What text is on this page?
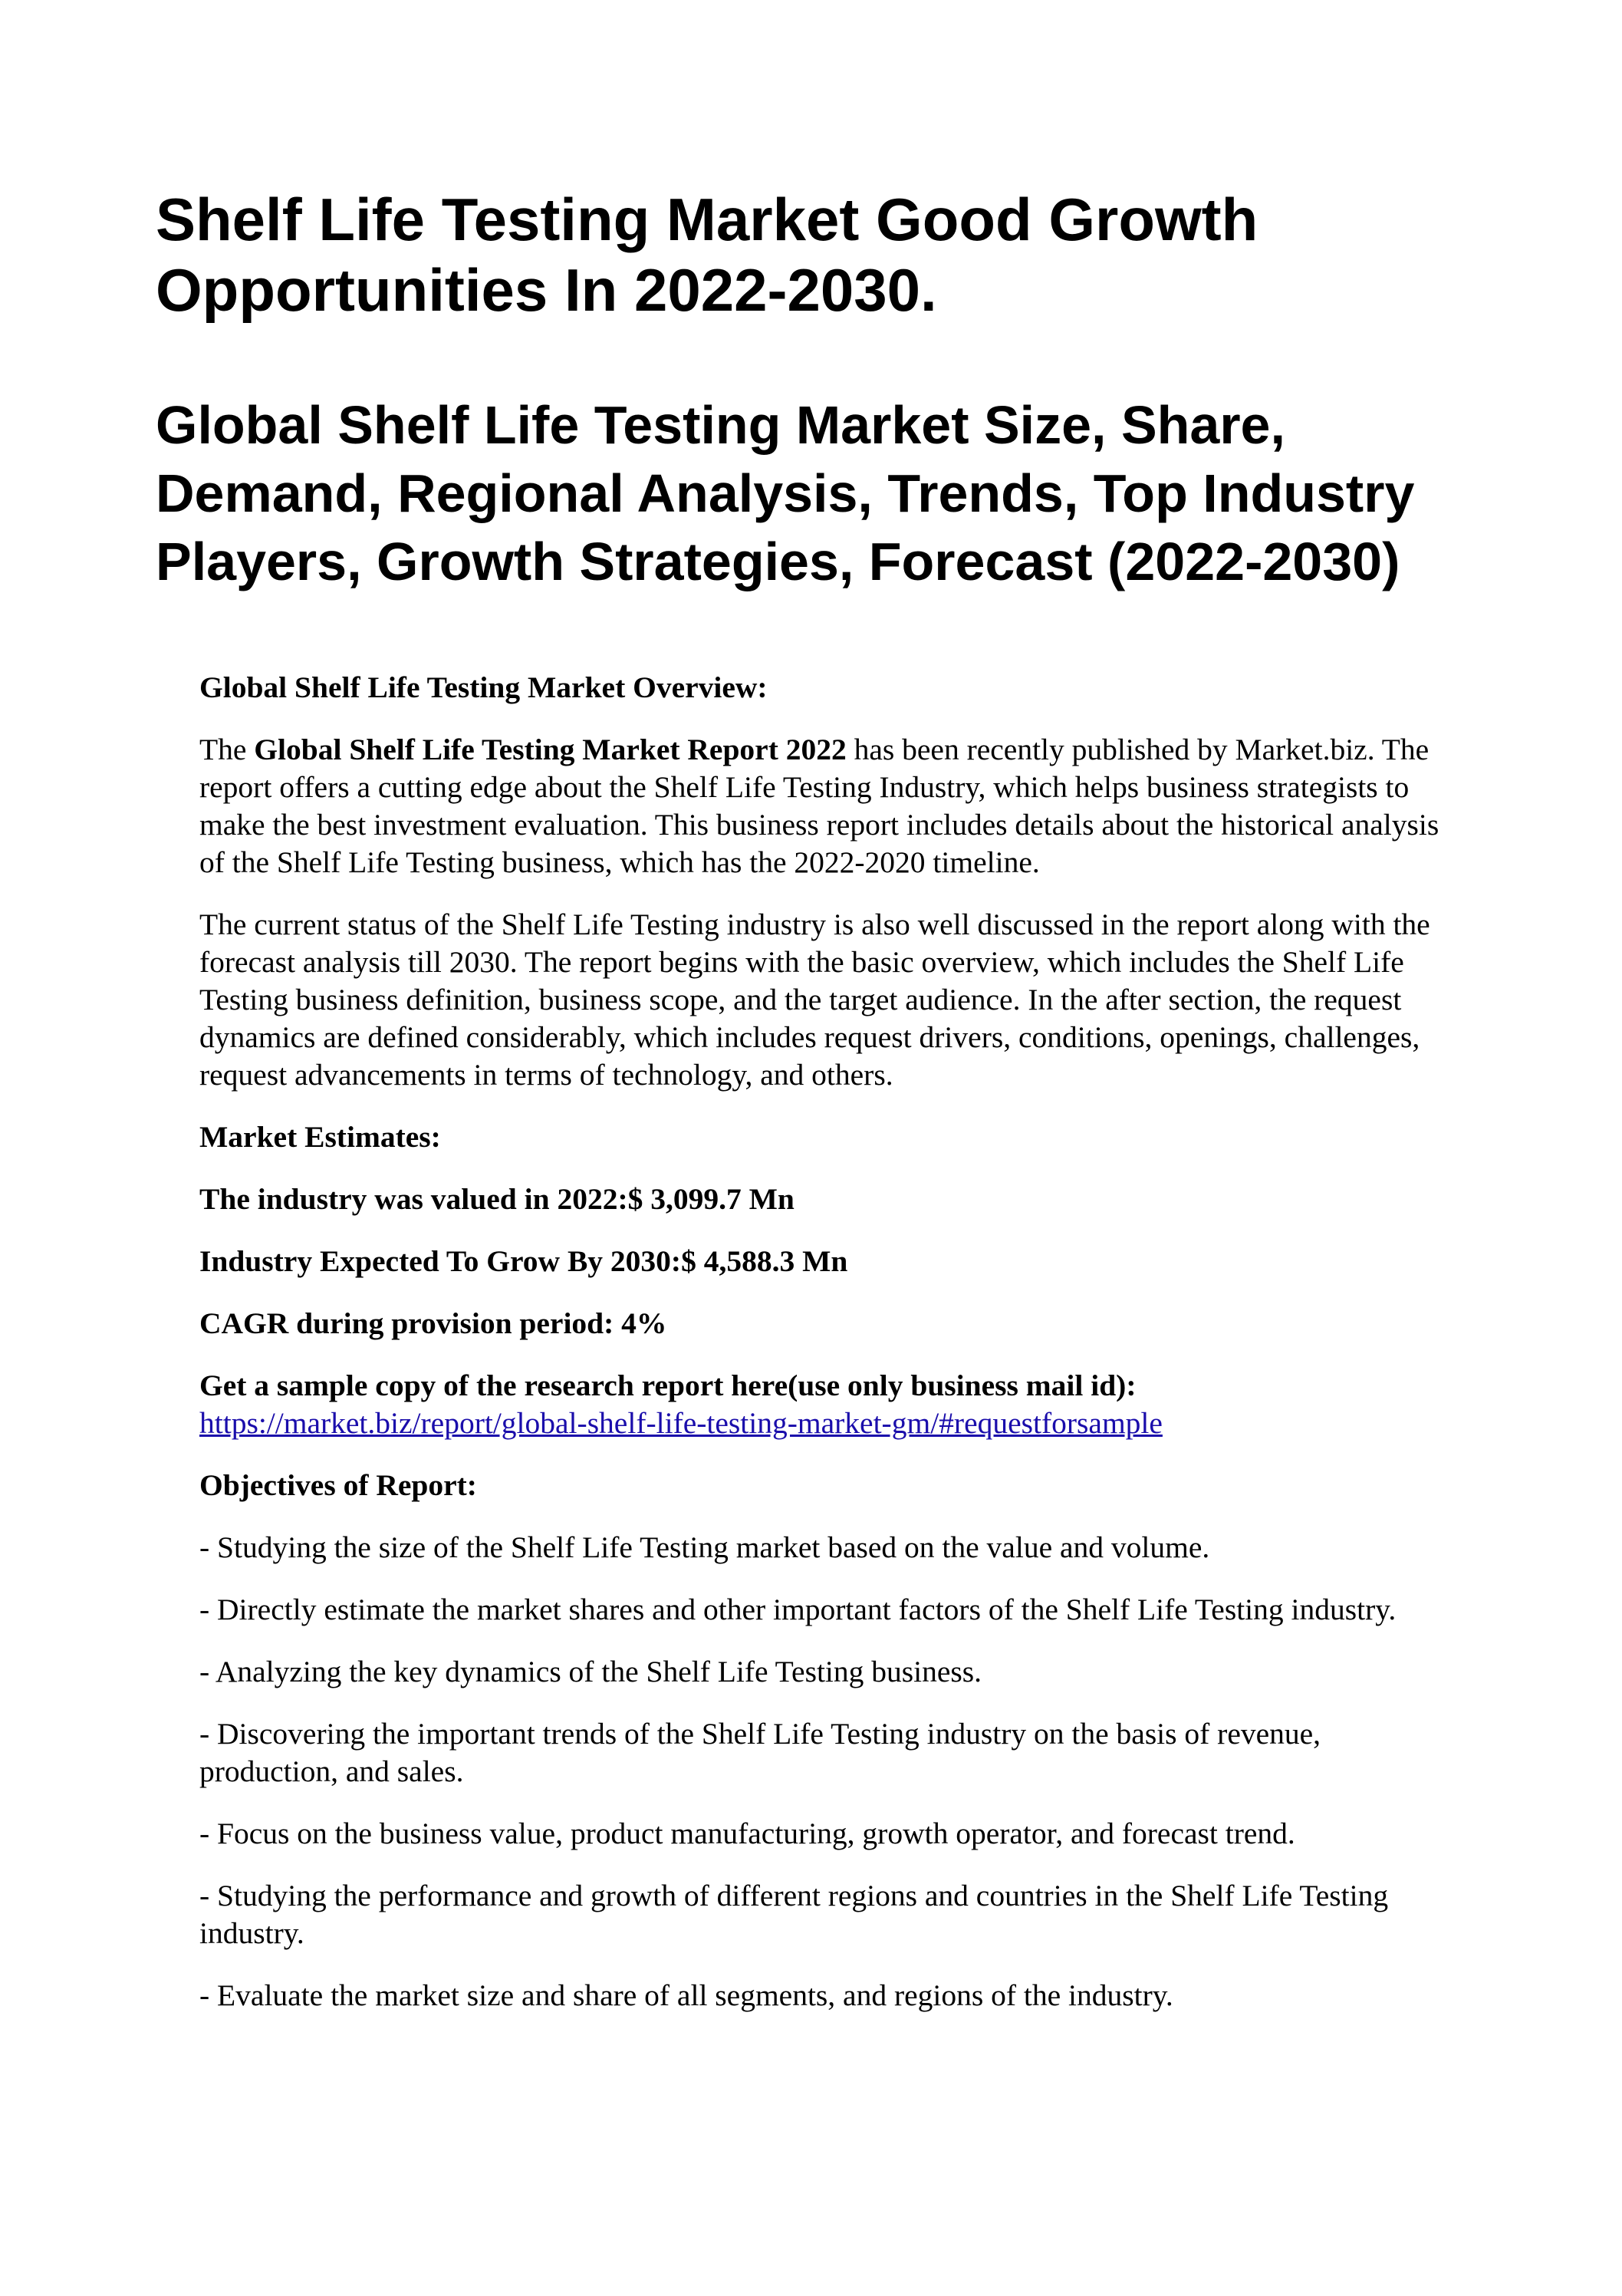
Shelf Life Testing Market Good Growth Opportunities In 2022-2030.
Global Shelf Life Testing Market Size, Share, Demand, Regional Analysis, Trends, Top Industry Players, Growth Strategies, Forecast (2022-2030)

Global Shelf Life Testing Market Overview:

The Global Shelf Life Testing Market Report 2022 has been recently published by Market.biz. The report offers a cutting edge about the Shelf Life Testing Industry, which helps business strategists to make the best investment evaluation. This business report includes details about the historical analysis of the Shelf Life Testing business, which has the 2022-2020 timeline.

The current status of the Shelf Life Testing industry is also well discussed in the report along with the forecast analysis till 2030. The report begins with the basic overview, which includes the Shelf Life Testing business definition, business scope, and the target audience. In the after section, the request dynamics are defined considerably, which includes request drivers, conditions, openings, challenges, request advancements in terms of technology, and others.

Market Estimates:

The industry was valued in 2022:$ 3,099.7 Mn

Industry Expected To Grow By 2030:$ 4,588.3 Mn

CAGR during provision period: 4%

Get a sample copy of the research report here(use only business mail id): https://market.biz/report/global-shelf-life-testing-market-gm/#requestforsample

Objectives of Report:

- Studying the size of the Shelf Life Testing market based on the value and volume.

- Directly estimate the market shares and other important factors of the Shelf Life Testing industry.

- Analyzing the key dynamics of the Shelf Life Testing business.

- Discovering the important trends of the Shelf Life Testing industry on the basis of revenue, production, and sales.

- Focus on the business value, product manufacturing, growth operator, and forecast trend.

- Studying the performance and growth of different regions and countries in the Shelf Life Testing industry.

- Evaluate the market size and share of all segments, and regions of the industry.
